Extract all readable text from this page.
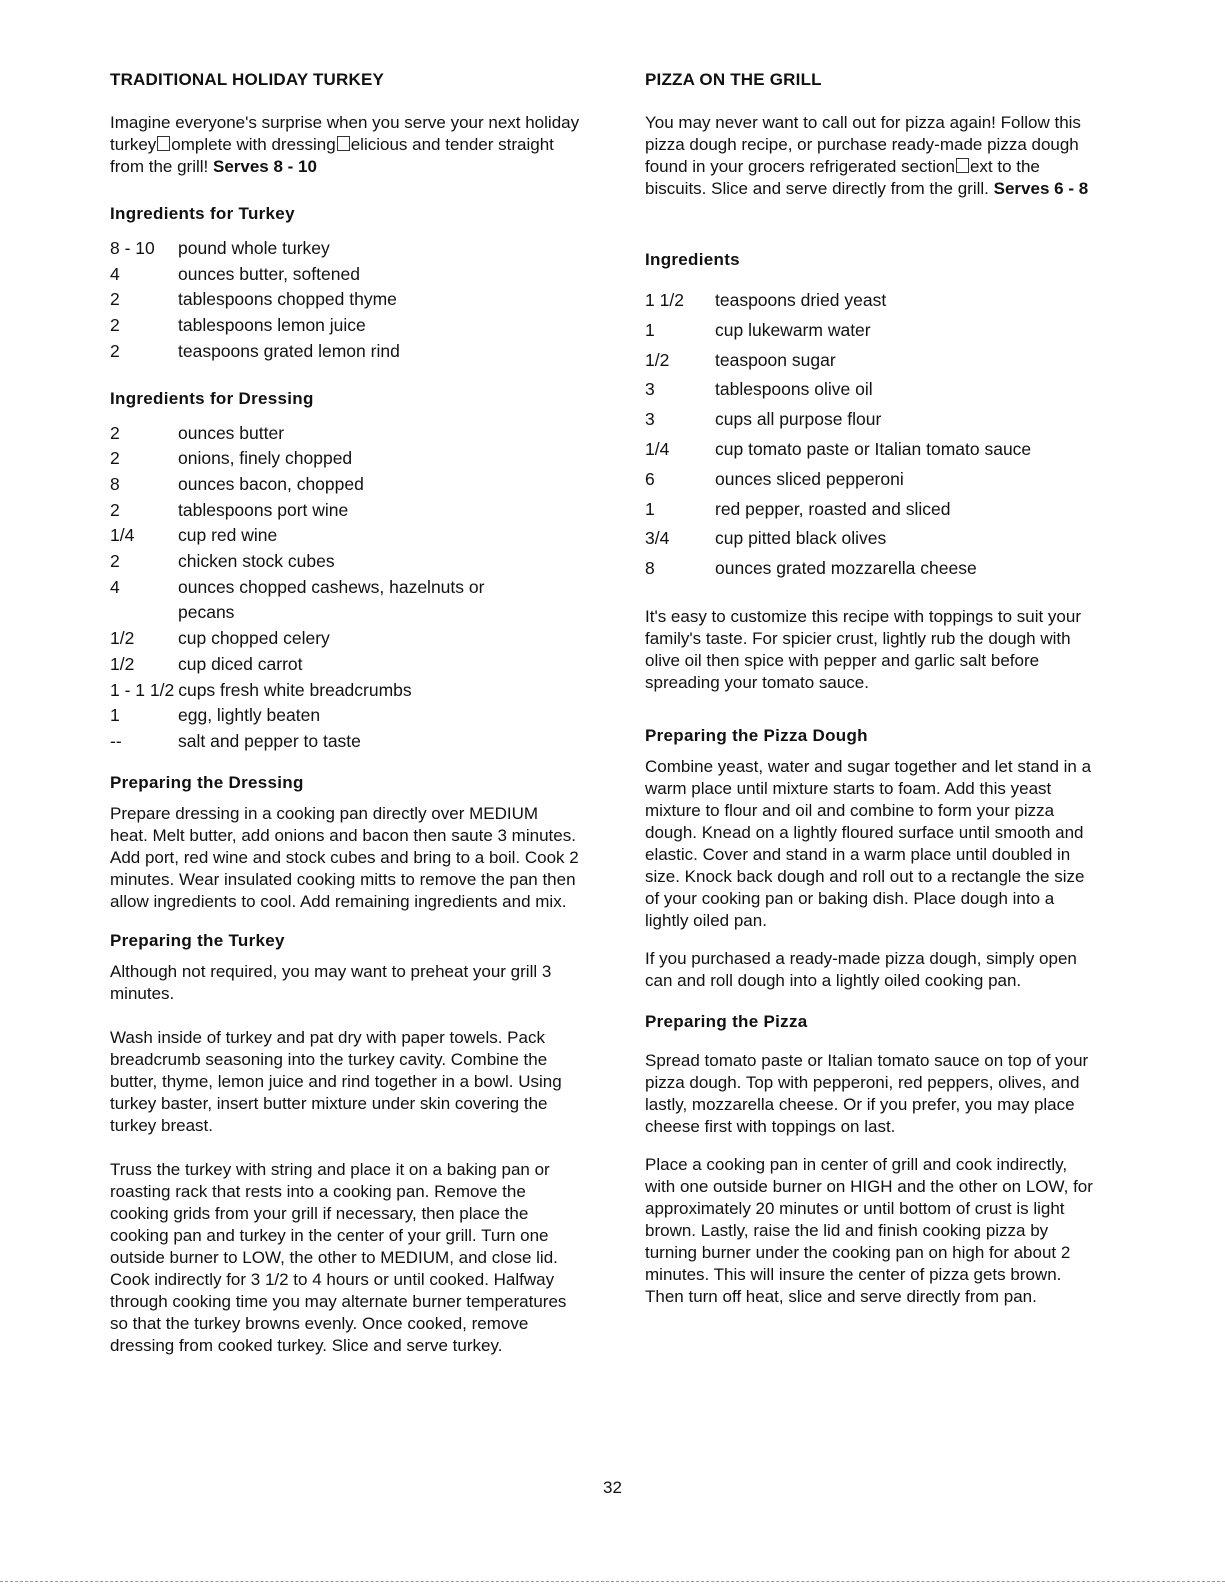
TRADITIONAL HOLIDAY TURKEY

Imagine everyone's surprise when you serve your next holiday turkey omplete with dressing elicious and tender straight from the grill! Serves 8 - 10

Ingredients for Turkey
8 - 10	pound whole turkey
4	ounces butter, softened
2	tablespoons chopped thyme
2	tablespoons lemon juice
2	teaspoons grated lemon rind
Ingredients for Dressing
2	ounces butter
2	onions, finely chopped
8	ounces bacon, chopped
2	tablespoons port wine
1/4	cup red wine
2	chicken stock cubes
4	ounces chopped cashews, hazelnuts or
pecans
1/2	cup chopped celery
1/2	cup diced carrot
1 - 1 1/2 cups fresh white breadcrumbs
1	egg, lightly beaten
--	salt and pepper to taste
Preparing the Dressing

Prepare dressing in a cooking pan directly over MEDIUM heat. Melt butter, add onions and bacon then saute 3 minutes. Add port, red wine and stock cubes and bring to a boil. Cook 2 minutes. Wear insulated cooking mitts to remove the pan then allow ingredients to cool. Add remaining ingredients and mix.

Preparing the Turkey

Although not required, you may want to preheat your grill 3 minutes.

Wash inside of turkey and pat dry with paper towels. Pack breadcrumb seasoning into the turkey cavity. Combine the butter, thyme, lemon juice and rind together in a bowl. Using turkey baster, insert butter mixture under skin covering the turkey breast.

Truss the turkey with string and place it on a baking pan or roasting rack that rests into a cooking pan. Remove the cooking grids from your grill if necessary, then place the cooking pan and turkey in the center of your grill. Turn one outside burner to LOW, the other to MEDIUM, and close lid. Cook indirectly for 3 1/2 to 4 hours or until cooked. Halfway through cooking time you may alternate burner temperatures so that the turkey browns evenly. Once cooked, remove dressing from cooked turkey. Slice and serve turkey.

PIZZA ON THE GRILL

You may never want to call out for pizza again! Follow this pizza dough recipe, or purchase ready-made pizza dough found in your grocers refrigerated section ext to the biscuits. Slice and serve directly from the grill. Serves 6 - 8

Ingredients
1 1/2	teaspoons dried yeast
1	cup lukewarm water
1/2	teaspoon sugar
3	tablespoons olive oil
3	cups all purpose flour
1/4	cup tomato paste or Italian tomato sauce
6	ounces sliced pepperoni
1	red pepper, roasted and sliced
3/4	cup pitted black olives
8	ounces grated mozzarella cheese

It's easy to customize this recipe with toppings to suit your family's taste. For spicier crust, lightly rub the dough with olive oil then spice with pepper and garlic salt before spreading your tomato sauce.

Preparing the Pizza Dough

Combine yeast, water and sugar together and let stand in a warm place until mixture starts to foam. Add this yeast mixture to flour and oil and combine to form your pizza dough. Knead on a lightly floured surface until smooth and elastic. Cover and stand in a warm place until doubled in size. Knock back dough and roll out to a rectangle the size of your cooking pan or baking dish. Place dough into a lightly oiled pan.

If you purchased a ready-made pizza dough, simply open can and roll dough into a lightly oiled cooking pan.

Preparing the Pizza

Spread tomato paste or Italian tomato sauce on top of your pizza dough. Top with pepperoni, red peppers, olives, and lastly, mozzarella cheese. Or if you prefer, you may place cheese first with toppings on last.

Place a cooking pan in center of grill and cook indirectly, with one outside burner on HIGH and the other on LOW, for approximately 20 minutes or until bottom of crust is light brown. Lastly, raise the lid and finish cooking pizza by turning burner under the cooking pan on high for about 2 minutes. This will insure the center of pizza gets brown. Then turn off heat, slice and serve directly from pan.

32
